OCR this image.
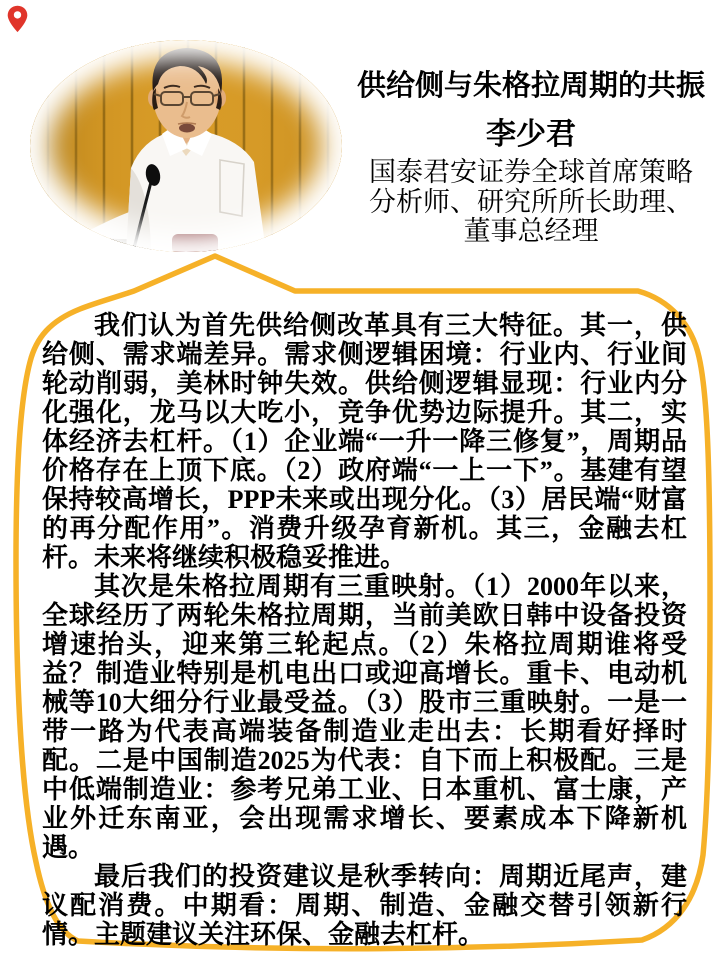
供给侧与朱格拉周期的共振
李少君
国泰君安证券全球首席策略
分析师、研究所所长助理、
董事总经理

我们认为首先供给侧改革具有三大特征。其一，供给侧、需求端差异。需求侧逻辑困境：行业内、行业间轮动削弱，美林时钟失效。供给侧逻辑显现：行业内分化强化，龙马以大吃小，竞争优势边际提升。其二，实体经济去杠杆。（1）企业端“一升一降三修复”，周期品价格存在上顶下底。（2）政府端“一上一下”。基建有望保持较高增长，PPP未来或出现分化。（3）居民端“财富的再分配作用”。消费升级孕育新机。其三，金融去杠杆。未来将继续积极稳妥推进。

其次是朱格拉周期有三重映射。（1）2000年以来，全球经历了两轮朱格拉周期，当前美欧日韩中设备投资增速抬头，迎来第三轮起点。（2）朱格拉周期谁将受益？制造业特别是机电出口或迎高增长。重卡、电动机械等10大细分行业最受益。（3）股市三重映射。一是一带一路为代表高端装备制造业走出去：长期看好择时配。二是中国制造2025为代表：自下而上积极配。三是中低端制造业：参考兄弟工业、日本重机、富士康，产业外迁东南亚，会出现需求增长、要素成本下降新机遇。

最后我们的投资建议是秋季转向：周期近尾声，建议配消费。中期看：周期、制造、金融交替引领新行情。主题建议关注环保、金融去杠杆。
